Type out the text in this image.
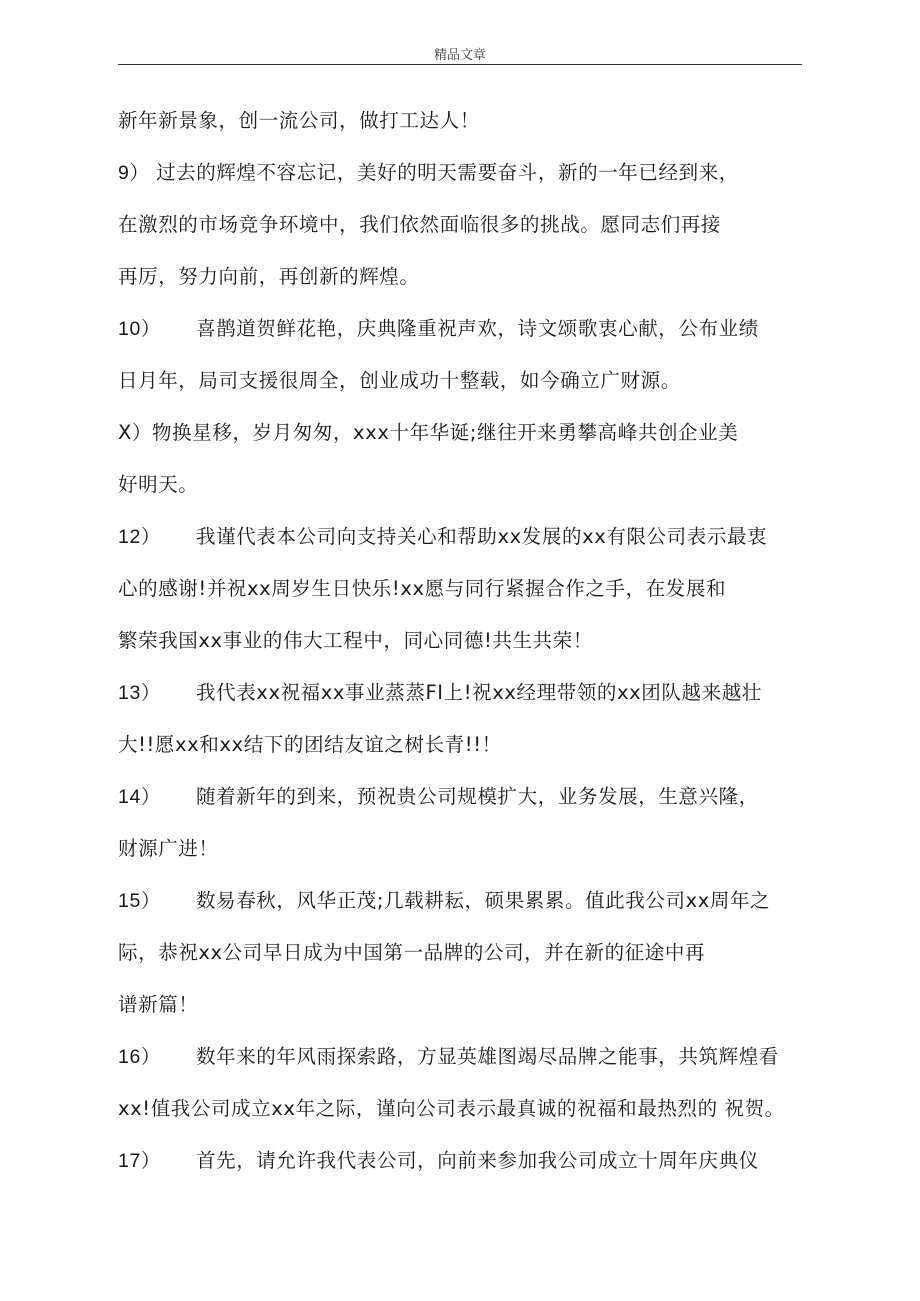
精品文章
新年新景象，创一流公司，做打工达人！
9） 过去的辉煌不容忘记，美好的明天需要奋斗，新的一年已经到来，
在激烈的市场竞争环境中，我们依然面临很多的挑战。愿同志们再接
再厉，努力向前，再创新的辉煌。
10） 喜鹊道贺鲜花艳，庆典隆重祝声欢，诗文颂歌衷心献，公布业绩
日月年，局司支援很周全，创业成功十整载，如今确立广财源。
X）物换星移，岁月匆匆，xxx十年华诞;继往开来勇攀高峰共创企业美
好明天。
12） 我谨代表本公司向支持关心和帮助xx发展的xx有限公司表示最衷
心的感谢!并祝xx周岁生日快乐!xx愿与同行紧握合作之手，在发展和
繁荣我国xx事业的伟大工程中，同心同德!共生共荣！
13） 我代表xx祝福xx事业蒸蒸FI上!祝xx经理带领的xx团队越来越壮
大!!愿xx和xx结下的团结友谊之树长青!!！
14） 随着新年的到来，预祝贵公司规模扩大，业务发展，生意兴隆，
财源广进！
15） 数易春秋，风华正茂;几载耕耘，硕果累累。值此我公司xx周年之
际，恭祝xx公司早日成为中国第一品牌的公司，并在新的征途中再
谱新篇！
16） 数年来的年风雨探索路，方显英雄图竭尽品牌之能事，共筑辉煌看
xx!值我公司成立xx年之际，谨向公司表示最真诚的祝福和最热烈的 祝贺。
17） 首先，请允许我代表公司，向前来参加我公司成立十周年庆典仪
